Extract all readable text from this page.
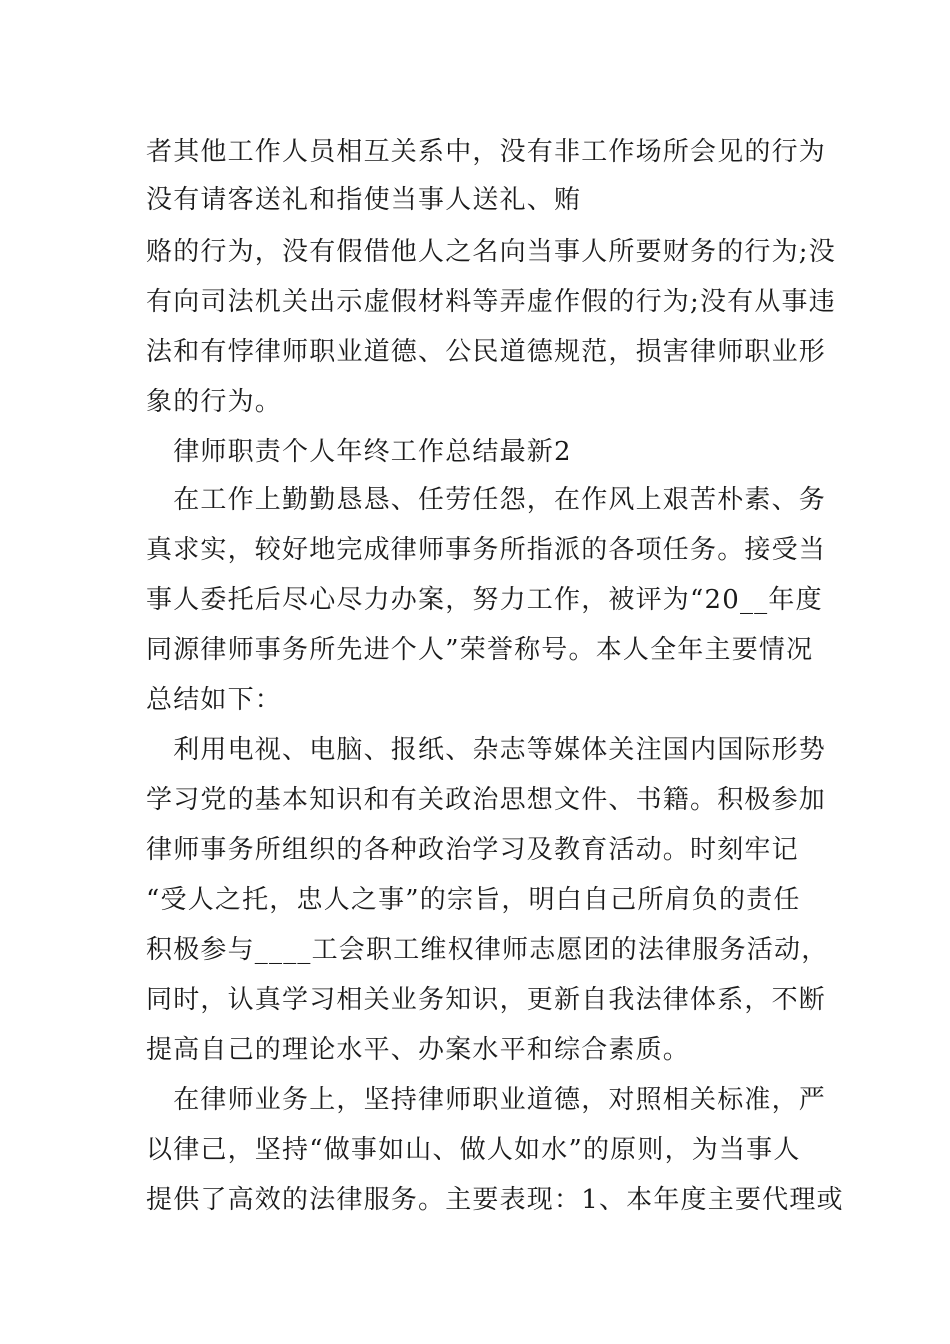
者其他工作人员相互关系中，没有非工作场所会见的行为
没有请客送礼和指使当事人送礼、贿
赂的行为，没有假借他人之名向当事人所要财务的行为;没
有向司法机关出示虚假材料等弄虚作假的行为;没有从事违
法和有悖律师职业道德、公民道德规范，损害律师职业形
象的行为。
　律师职责个人年终工作总结最新2
　在工作上勤勤恳恳、任劳任怨，在作风上艰苦朴素、务
真求实，较好地完成律师事务所指派的各项任务。接受当
事人委托后尽心尽力办案，努力工作，被评为“20__年度
同源律师事务所先进个人”荣誉称号。本人全年主要情况
总结如下：
　利用电视、电脑、报纸、杂志等媒体关注国内国际形势
学习党的基本知识和有关政治思想文件、书籍。积极参加
律师事务所组织的各种政治学习及教育活动。时刻牢记
“受人之托，忠人之事”的宗旨，明白自己所肩负的责任
积极参与____工会职工维权律师志愿团的法律服务活动，
同时，认真学习相关业务知识，更新自我法律体系，不断
提高自己的理论水平、办案水平和综合素质。
　在律师业务上，坚持律师职业道德，对照相关标准，严
以律己，坚持“做事如山、做人如水”的原则，为当事人
提供了高效的法律服务。主要表现：1、本年度主要代理或
